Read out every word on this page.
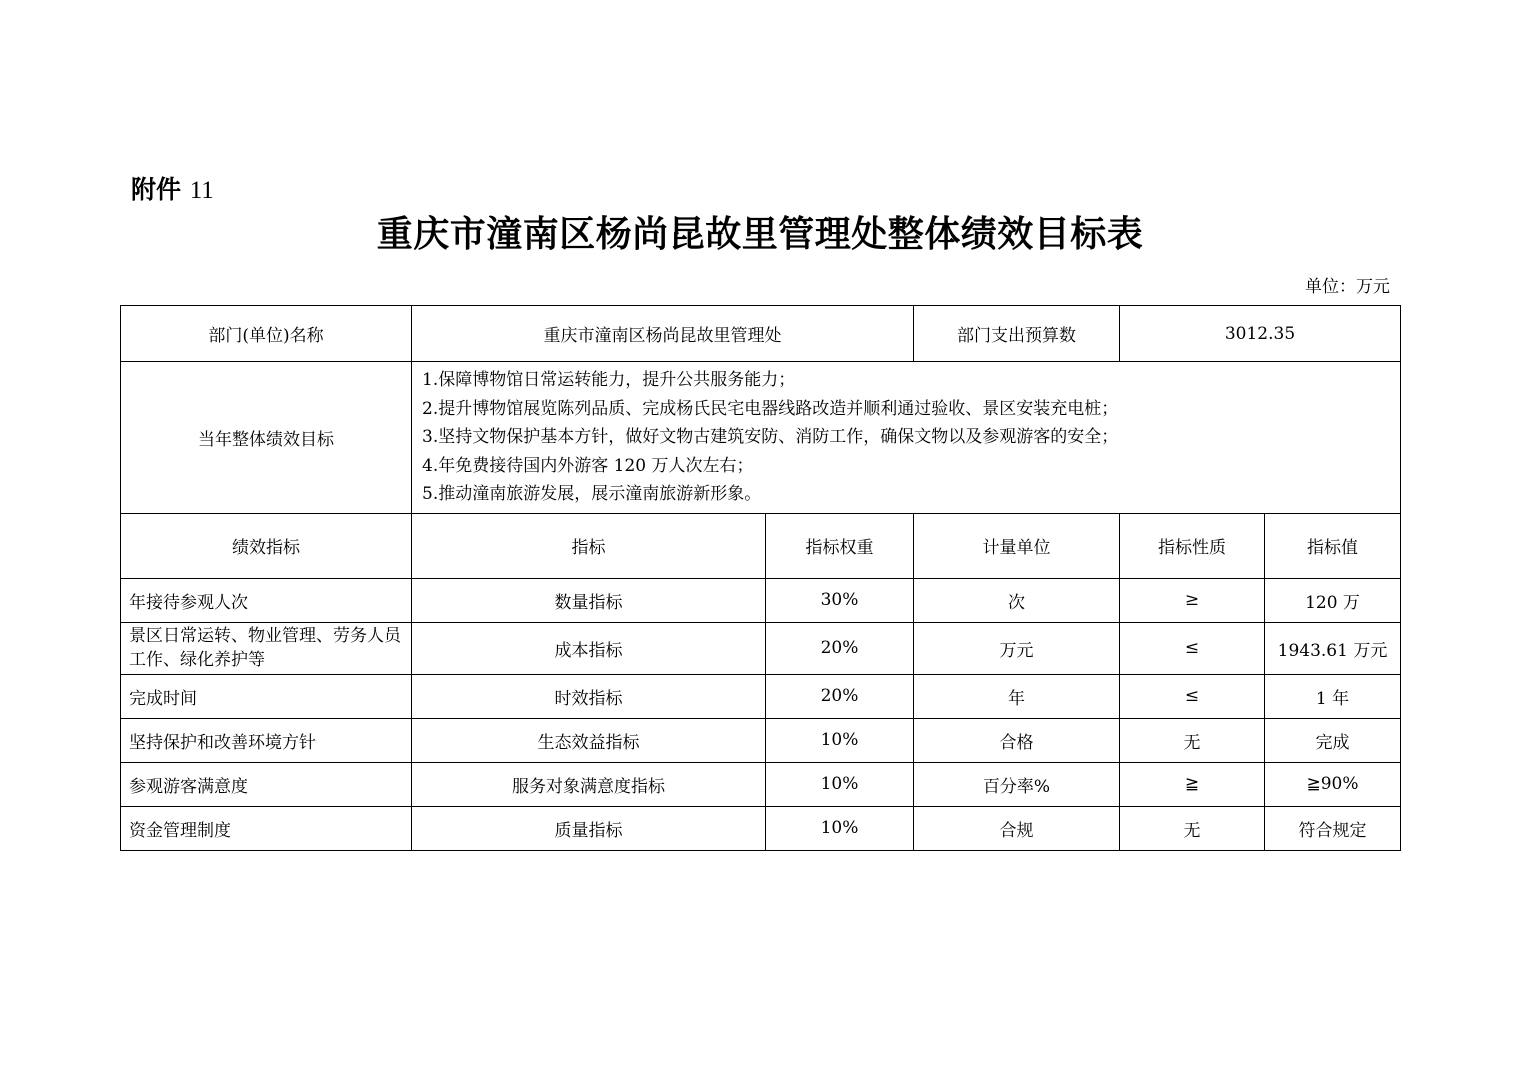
附件 11
重庆市潼南区杨尚昆故里管理处整体绩效目标表
单位：万元
部门(单位)名称	重庆市潼南区杨尚昆故里管理处		部门支出预算数	3012.35	
当年整体绩效目标	1.保障博物馆日常运转能力，提升公共服务能力；
2.提升博物馆展览陈列品质、完成杨氏民宅电器线路改造并顺利通过验收、景区安装充电桩；
3.坚持文物保护基本方针，做好文物古建筑安防、消防工作，确保文物以及参观游客的安全；
4.年免费接待国内外游客 120 万人次左右；
5.推动潼南旅游发展，展示潼南旅游新形象。				

绩效指标	指标	指标权重	计量单位	指标性质	指标值
年接待参观人次	数量指标	30%	次	≥	120 万
景区日常运转、物业管理、劳务人员工作、绿化养护等	成本指标	20%	万元	≤	1943.61 万元
完成时间	时效指标	20%	年	≤	1 年
坚持保护和改善环境方针	生态效益指标	10%	合格	无	完成
参观游客满意度	服务对象满意度指标	10%	百分率%	≧	≧90%
资金管理制度	质量指标	10%	合规	无	符合规定
